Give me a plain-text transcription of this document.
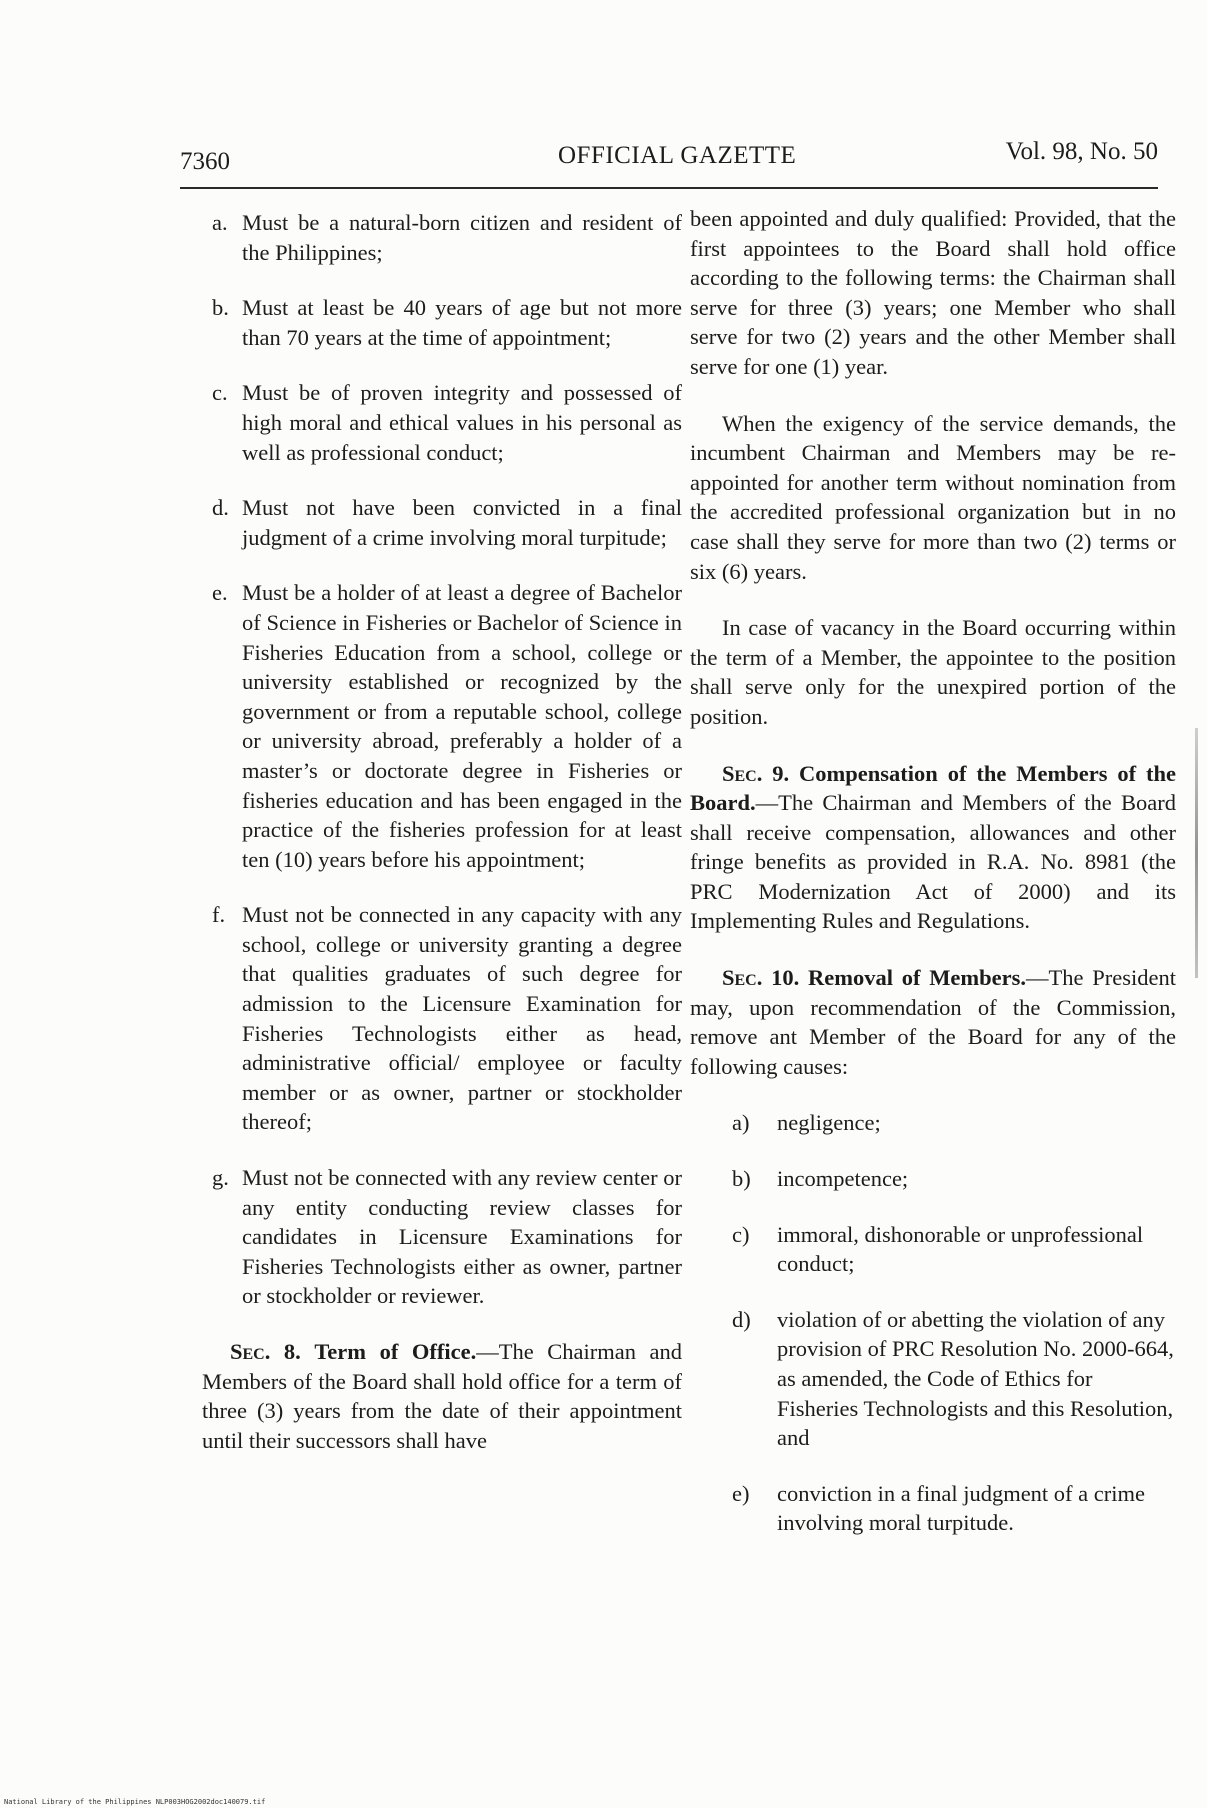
7360	OFFICIAL GAZETTE	Vol. 98, No. 50
a. Must be a natural-born citizen and resident of the Philippines;
b. Must at least be 40 years of age but not more than 70 years at the time of appointment;
c. Must be of proven integrity and possessed of high moral and ethical values in his personal as well as professional conduct;
d. Must not have been convicted in a final judgment of a crime involving moral turpitude;
e. Must be a holder of at least a degree of Bachelor of Science in Fisheries or Bachelor of Science in Fisheries Education from a school, college or university established or recognized by the government or from a reputable school, college or university abroad, preferably a holder of a master’s or doctorate degree in Fisheries or fisheries education and has been engaged in the practice of the fisheries profession for at least ten (10) years before his appointment;
f. Must not be connected in any capacity with any school, college or university granting a degree that qualities graduates of such degree for admission to the Licensure Examination for Fisheries Technologists either as head, administrative official/ employee or faculty member or as owner, partner or stockholder thereof;
g. Must not be connected with any review center or any entity conducting review classes for candidates in Licensure Examinations for Fisheries Technologists either as owner, partner or stockholder or reviewer.

Sec. 8. Term of Office.—The Chairman and Members of the Board shall hold office for a term of three (3) years from the date of their appointment until their successors shall have

been appointed and duly qualified: Provided, that the first appointees to the Board shall hold office according to the following terms: the Chairman shall serve for three (3) years; one Member who shall serve for two (2) years and the other Member shall serve for one (1) year.

When the exigency of the service demands, the incumbent Chairman and Members may be re-appointed for another term without nomination from the accredited professional organization but in no case shall they serve for more than two (2) terms or six (6) years.

In case of vacancy in the Board occurring within the term of a Member, the appointee to the position shall serve only for the unexpired portion of the position.

Sec. 9. Compensation of the Members of the Board.—The Chairman and Members of the Board shall receive compensation, allowances and other fringe benefits as provided in R.A. No. 8981 (the PRC Modernization Act of 2000) and its Implementing Rules and Regulations.

Sec. 10. Removal of Members.—The President may, upon recommendation of the Commission, remove ant Member of the Board for any of the following causes:

a) negligence;
b) incompetence;
c) immoral, dishonorable or unprofessional conduct;
d) violation of or abetting the violation of any provision of PRC Resolution No. 2000-664, as amended, the Code of Ethics for Fisheries Technologists and this Resolution, and
e) conviction in a final judgment of a crime involving moral turpitude.
National Library of the Philippines NLP003HOG2002doc140079.tif
